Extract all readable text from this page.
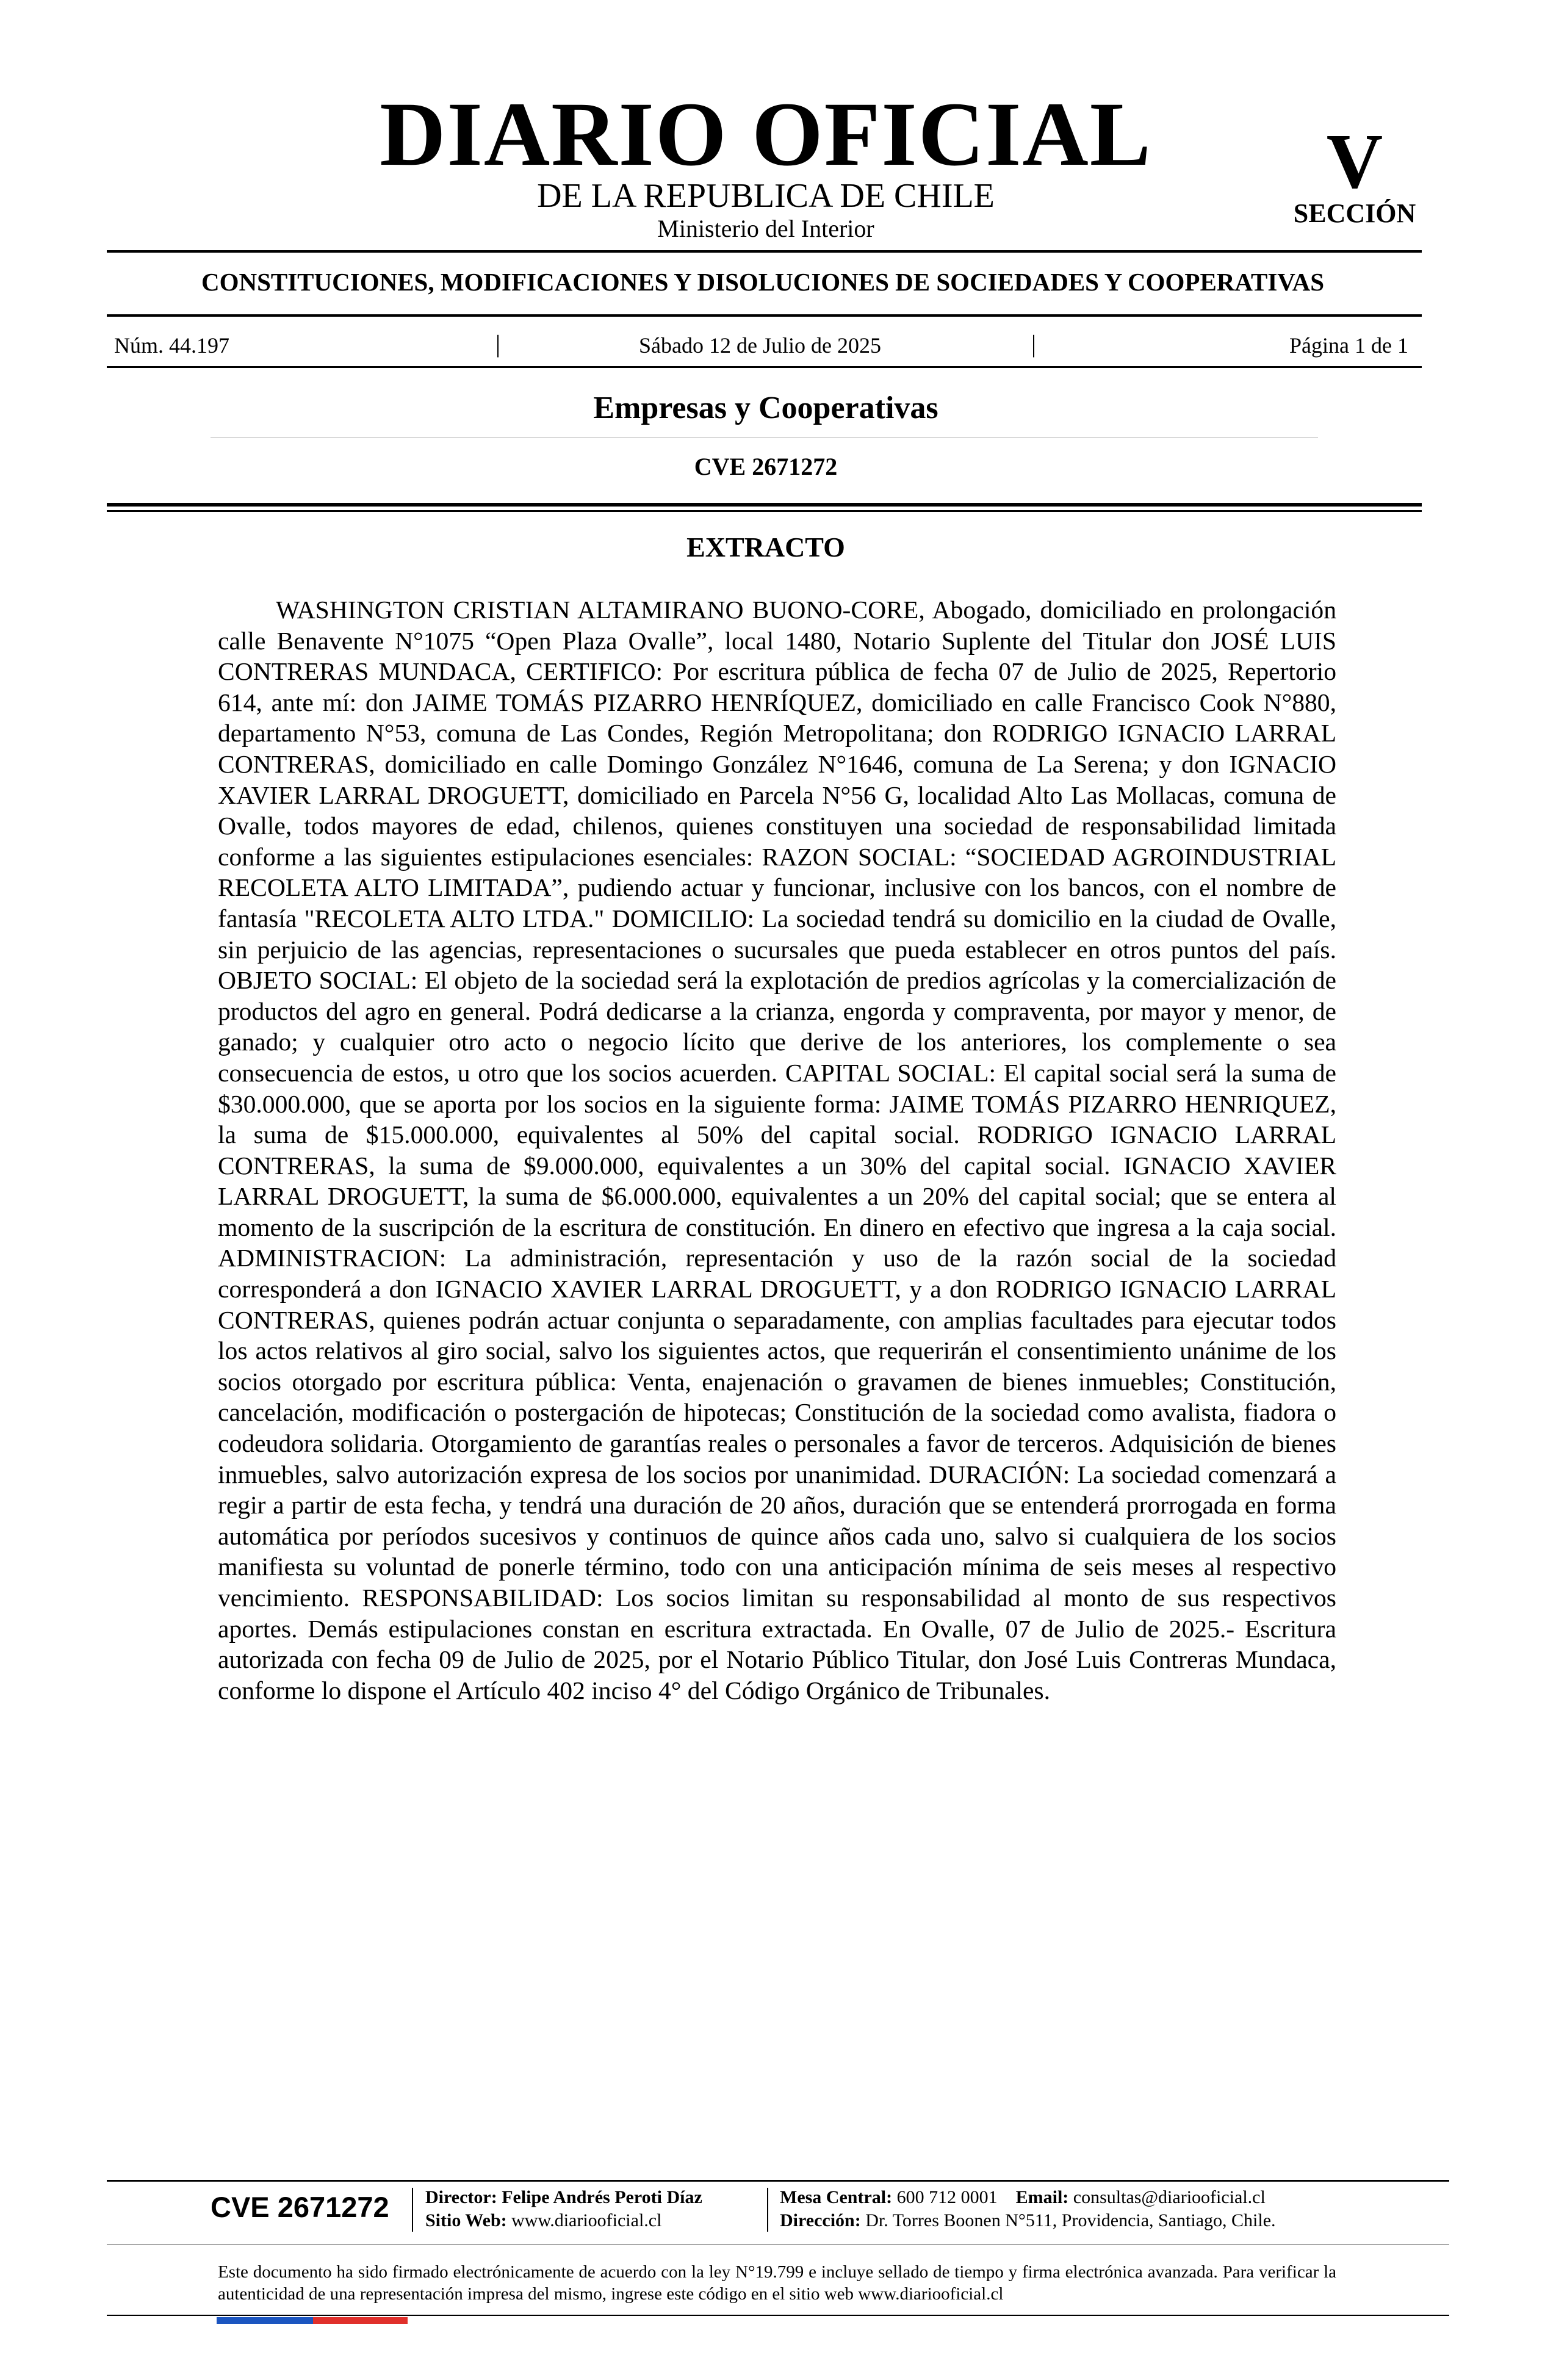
DIARIO OFICIAL
DE LA REPUBLICA DE CHILE
Ministerio del Interior
V
SECCIÓN
CONSTITUCIONES, MODIFICACIONES Y DISOLUCIONES DE SOCIEDADES Y COOPERATIVAS
Núm. 44.197	|	Sábado 12 de Julio de 2025	|	Página 1 de 1
Empresas y Cooperativas
CVE 2671272
EXTRACTO
WASHINGTON CRISTIAN ALTAMIRANO BUONO-CORE, Abogado, domiciliado en prolongación calle Benavente N°1075 “Open Plaza Ovalle”, local 1480, Notario Suplente del Titular don JOSÉ LUIS CONTRERAS MUNDACA, CERTIFICO: Por escritura pública de fecha 07 de Julio de 2025, Repertorio 614, ante mí: don JAIME TOMÁS PIZARRO HENRÍQUEZ, domiciliado en calle Francisco Cook N°880, departamento N°53, comuna de Las Condes, Región Metropolitana; don RODRIGO IGNACIO LARRAL CONTRERAS, domiciliado en calle Domingo González N°1646, comuna de La Serena; y don IGNACIO XAVIER LARRAL DROGUETT, domiciliado en Parcela N°56 G, localidad Alto Las Mollacas, comuna de Ovalle, todos mayores de edad, chilenos, quienes constituyen una sociedad de responsabilidad limitada conforme a las siguientes estipulaciones esenciales: RAZON SOCIAL: “SOCIEDAD AGROINDUSTRIAL RECOLETA ALTO LIMITADA”, pudiendo actuar y funcionar, inclusive con los bancos, con el nombre de fantasía "RECOLETA ALTO LTDA." DOMICILIO: La sociedad tendrá su domicilio en la ciudad de Ovalle, sin perjuicio de las agencias, representaciones o sucursales que pueda establecer en otros puntos del país. OBJETO SOCIAL: El objeto de la sociedad será la explotación de predios agrícolas y la comercialización de productos del agro en general. Podrá dedicarse a la crianza, engorda y compraventa, por mayor y menor, de ganado; y cualquier otro acto o negocio lícito que derive de los anteriores, los complemente o sea consecuencia de estos, u otro que los socios acuerden. CAPITAL SOCIAL: El capital social será la suma de $30.000.000, que se aporta por los socios en la siguiente forma: JAIME TOMÁS PIZARRO HENRIQUEZ, la suma de $15.000.000, equivalentes al 50% del capital social. RODRIGO IGNACIO LARRAL CONTRERAS, la suma de $9.000.000, equivalentes a un 30% del capital social. IGNACIO XAVIER LARRAL DROGUETT, la suma de $6.000.000, equivalentes a un 20% del capital social; que se entera al momento de la suscripción de la escritura de constitución. En dinero en efectivo que ingresa a la caja social. ADMINISTRACION: La administración, representación y uso de la razón social de la sociedad corresponderá a don IGNACIO XAVIER LARRAL DROGUETT, y a don RODRIGO IGNACIO LARRAL CONTRERAS, quienes podrán actuar conjunta o separadamente, con amplias facultades para ejecutar todos los actos relativos al giro social, salvo los siguientes actos, que requerirán el consentimiento unánime de los socios otorgado por escritura pública: Venta, enajenación o gravamen de bienes inmuebles; Constitución, cancelación, modificación o postergación de hipotecas; Constitución de la sociedad como avalista, fiadora o codeudora solidaria. Otorgamiento de garantías reales o personales a favor de terceros. Adquisición de bienes inmuebles, salvo autorización expresa de los socios por unanimidad. DURACIÓN: La sociedad comenzará a regir a partir de esta fecha, y tendrá una duración de 20 años, duración que se entenderá prorrogada en forma automática por períodos sucesivos y continuos de quince años cada uno, salvo si cualquiera de los socios manifiesta su voluntad de ponerle término, todo con una anticipación mínima de seis meses al respectivo vencimiento. RESPONSABILIDAD: Los socios limitan su responsabilidad al monto de sus respectivos aportes. Demás estipulaciones constan en escritura extractada. En Ovalle, 07 de Julio de 2025.- Escritura autorizada con fecha 09 de Julio de 2025, por el Notario Público Titular, don José Luis Contreras Mundaca, conforme lo dispone el Artículo 402 inciso 4° del Código Orgánico de Tribunales.
CVE 2671272 Director: Felipe Andrés Peroti Díaz
Sitio Web: www.diariooficial.cl
Mesa Central: 600 712 0001 Email: consultas@diariooficial.cl
Dirección: Dr. Torres Boonen N°511, Providencia, Santiago, Chile.
Este documento ha sido firmado electrónicamente de acuerdo con la ley N°19.799 e incluye sellado de tiempo y firma electrónica avanzada. Para verificar la autenticidad de una representación impresa del mismo, ingrese este código en el sitio web www.diariooficial.cl
